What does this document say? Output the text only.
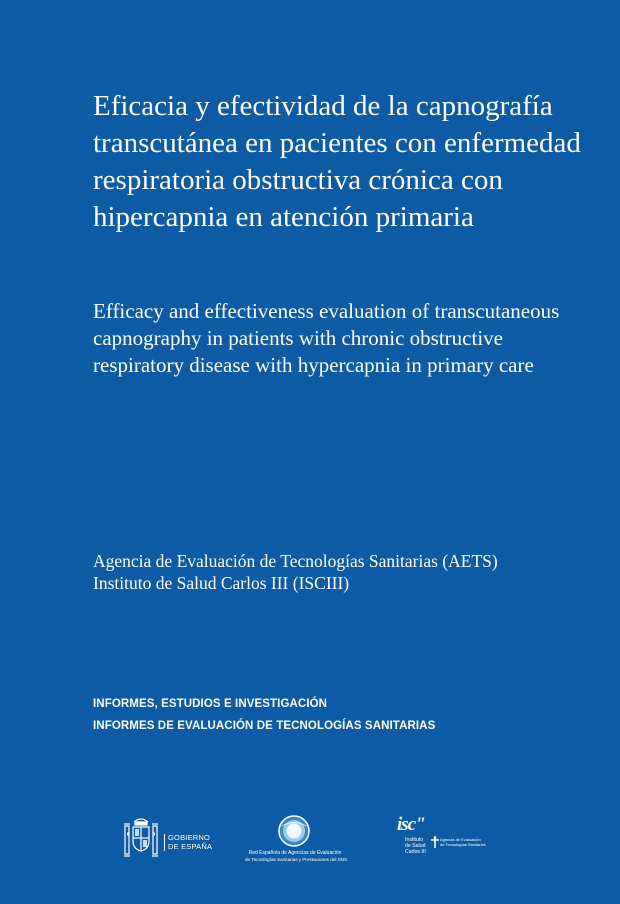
Eficacia y efectividad de la capnografía transcutánea en pacientes con enfermedad respiratoria obstructiva crónica con hipercapnia en atención primaria
Efficacy and effectiveness evaluation of transcutaneous capnography in patients with chronic obstructive respiratory disease with hypercapnia in primary care
Agencia de Evaluación de Tecnologías Sanitarias (AETS)
Instituto de Salud Carlos III (ISCIII)
INFORMES, ESTUDIOS E INVESTIGACIÓN
INFORMES DE EVALUACIÓN DE TECNOLOGÍAS SANITARIAS
GOBIERNO
DE ESPAÑA
Red Española de Agencias de Evaluación
de Tecnologías Sanitarias y Prestaciones del SNS
isc"
Instituto
de Salud
Carlos III
Agencia de Evaluación
de Tecnologías Sanitarias
